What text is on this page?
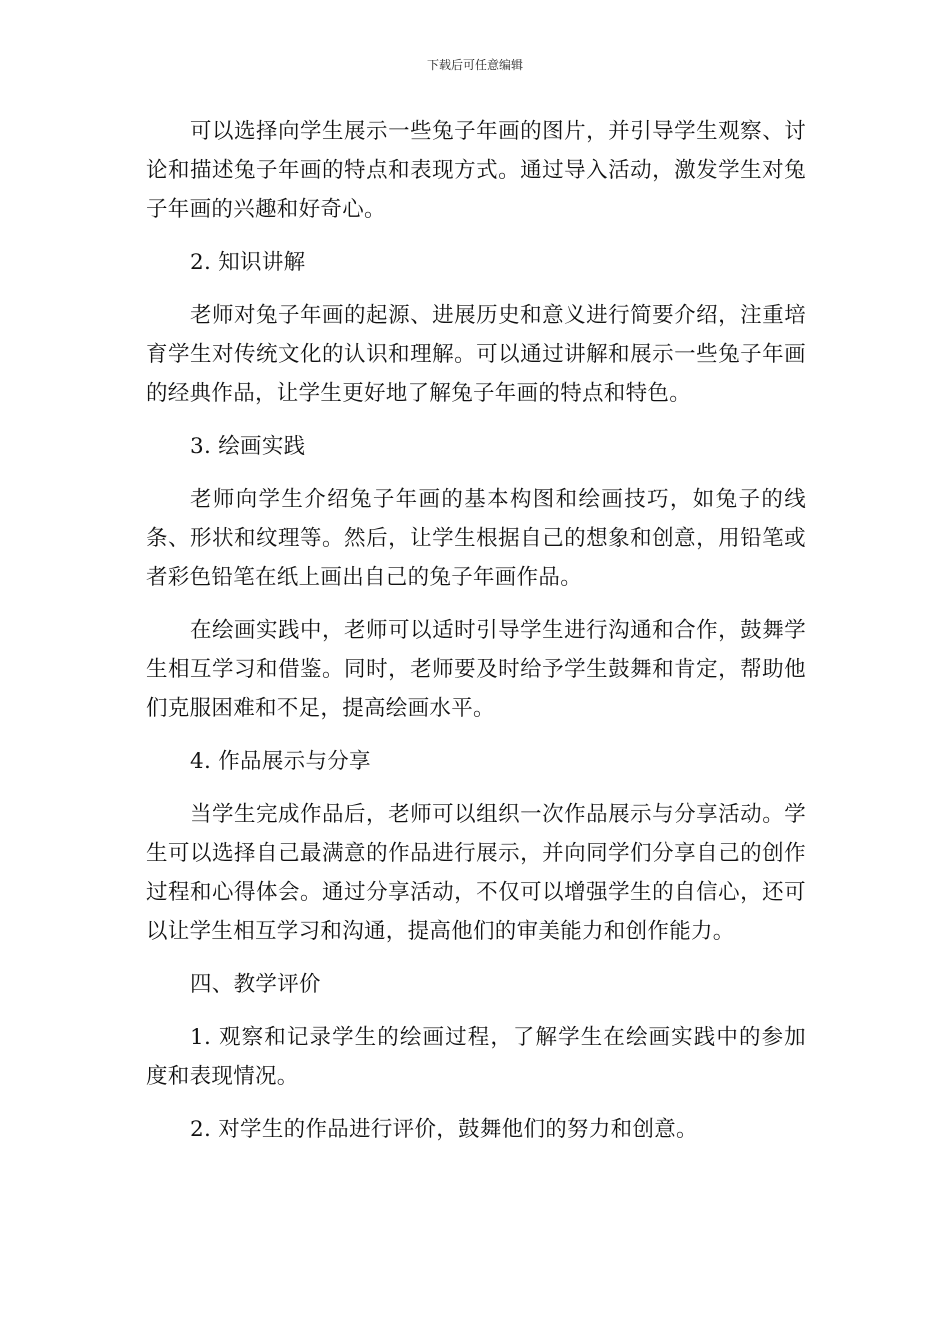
下载后可任意编辑

可以选择向学生展示一些兔子年画的图片，并引导学生观察、讨论和描述兔子年画的特点和表现方式。通过导入活动，激发学生对兔子年画的兴趣和好奇心。

2. 知识讲解

老师对兔子年画的起源、进展历史和意义进行简要介绍，注重培育学生对传统文化的认识和理解。可以通过讲解和展示一些兔子年画的经典作品，让学生更好地了解兔子年画的特点和特色。

3. 绘画实践

老师向学生介绍兔子年画的基本构图和绘画技巧，如兔子的线条、形状和纹理等。然后，让学生根据自己的想象和创意，用铅笔或者彩色铅笔在纸上画出自己的兔子年画作品。

在绘画实践中，老师可以适时引导学生进行沟通和合作，鼓舞学生相互学习和借鉴。同时，老师要及时给予学生鼓舞和肯定，帮助他们克服困难和不足，提高绘画水平。

4. 作品展示与分享

当学生完成作品后，老师可以组织一次作品展示与分享活动。学生可以选择自己最满意的作品进行展示，并向同学们分享自己的创作过程和心得体会。通过分享活动，不仅可以增强学生的自信心，还可以让学生相互学习和沟通，提高他们的审美能力和创作能力。

四、教学评价

1. 观察和记录学生的绘画过程，了解学生在绘画实践中的参加度和表现情况。

2. 对学生的作品进行评价，鼓舞他们的努力和创意。
